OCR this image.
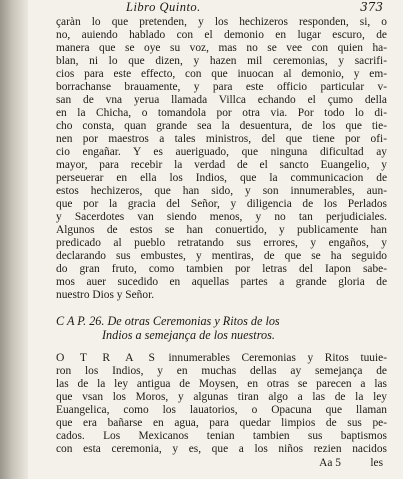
Libro Quinto.	373
çaràn lo que pretenden, y los hechizeros responden, si, o
no, auiendo hablado con el demonio en lugar escuro, de
manera que se oye su voz, mas no se vee con quien ha-
blan, ni lo que dizen, y hazen mil ceremonias, y sacrifi-
cios para este effecto, con que inuocan al demonio, y em-
borrachanse brauamente, y para este officio particular v-
san de vna yerua llamada Villca echando el çumo della
en la Chicha, o tomandola por otra via. Por todo lo di-
cho consta, quan grande sea la desuentura, de los que tie-
nen por maestros a tales ministros, del que tiene por ofi-
cio engañar. Y es aueriguado, que ninguna dificultad ay
mayor, para recebir la verdad de el sancto Euangelio, y
perseuerar en ella los Indios, que la communicacion de
estos hechizeros, que han sido, y son innumerables, aun-
que por la gracia del Señor, y diligencia de los Perlados
y Sacerdotes van siendo menos, y no tan perjudiciales.
Algunos de estos se han conuertido, y publicamente han
predicado al pueblo retratando sus errores, y engaños, y
declarando sus embustes, y mentiras, de que se ha seguido
do gran fruto, como tambien por letras del Iapon sabe-
mos auer sucedido en aquellas partes a grande gloria de
nuestro Dios y Señor.
C A P. 26. De otras Ceremonias y Ritos de los
Indios a semejança de los nuestros.
O T R A S innumerables Ceremonias y Ritos tuuie-
ron los Indios, y en muchas dellas ay semejança de
las de la ley antigua de Moysen, en otras se parecen a las
que vsan los Moros, y algunas tiran algo a las de la ley
Euangelica, como los lauatorios, o Opacuna que llaman
que era bañarse en agua, para quedar limpios de sus pe-
cados. Los Mexicanos tenian tambien sus baptismos
con esta ceremonia, y es, que a los niños rezien nacidos
Aa 5	les
